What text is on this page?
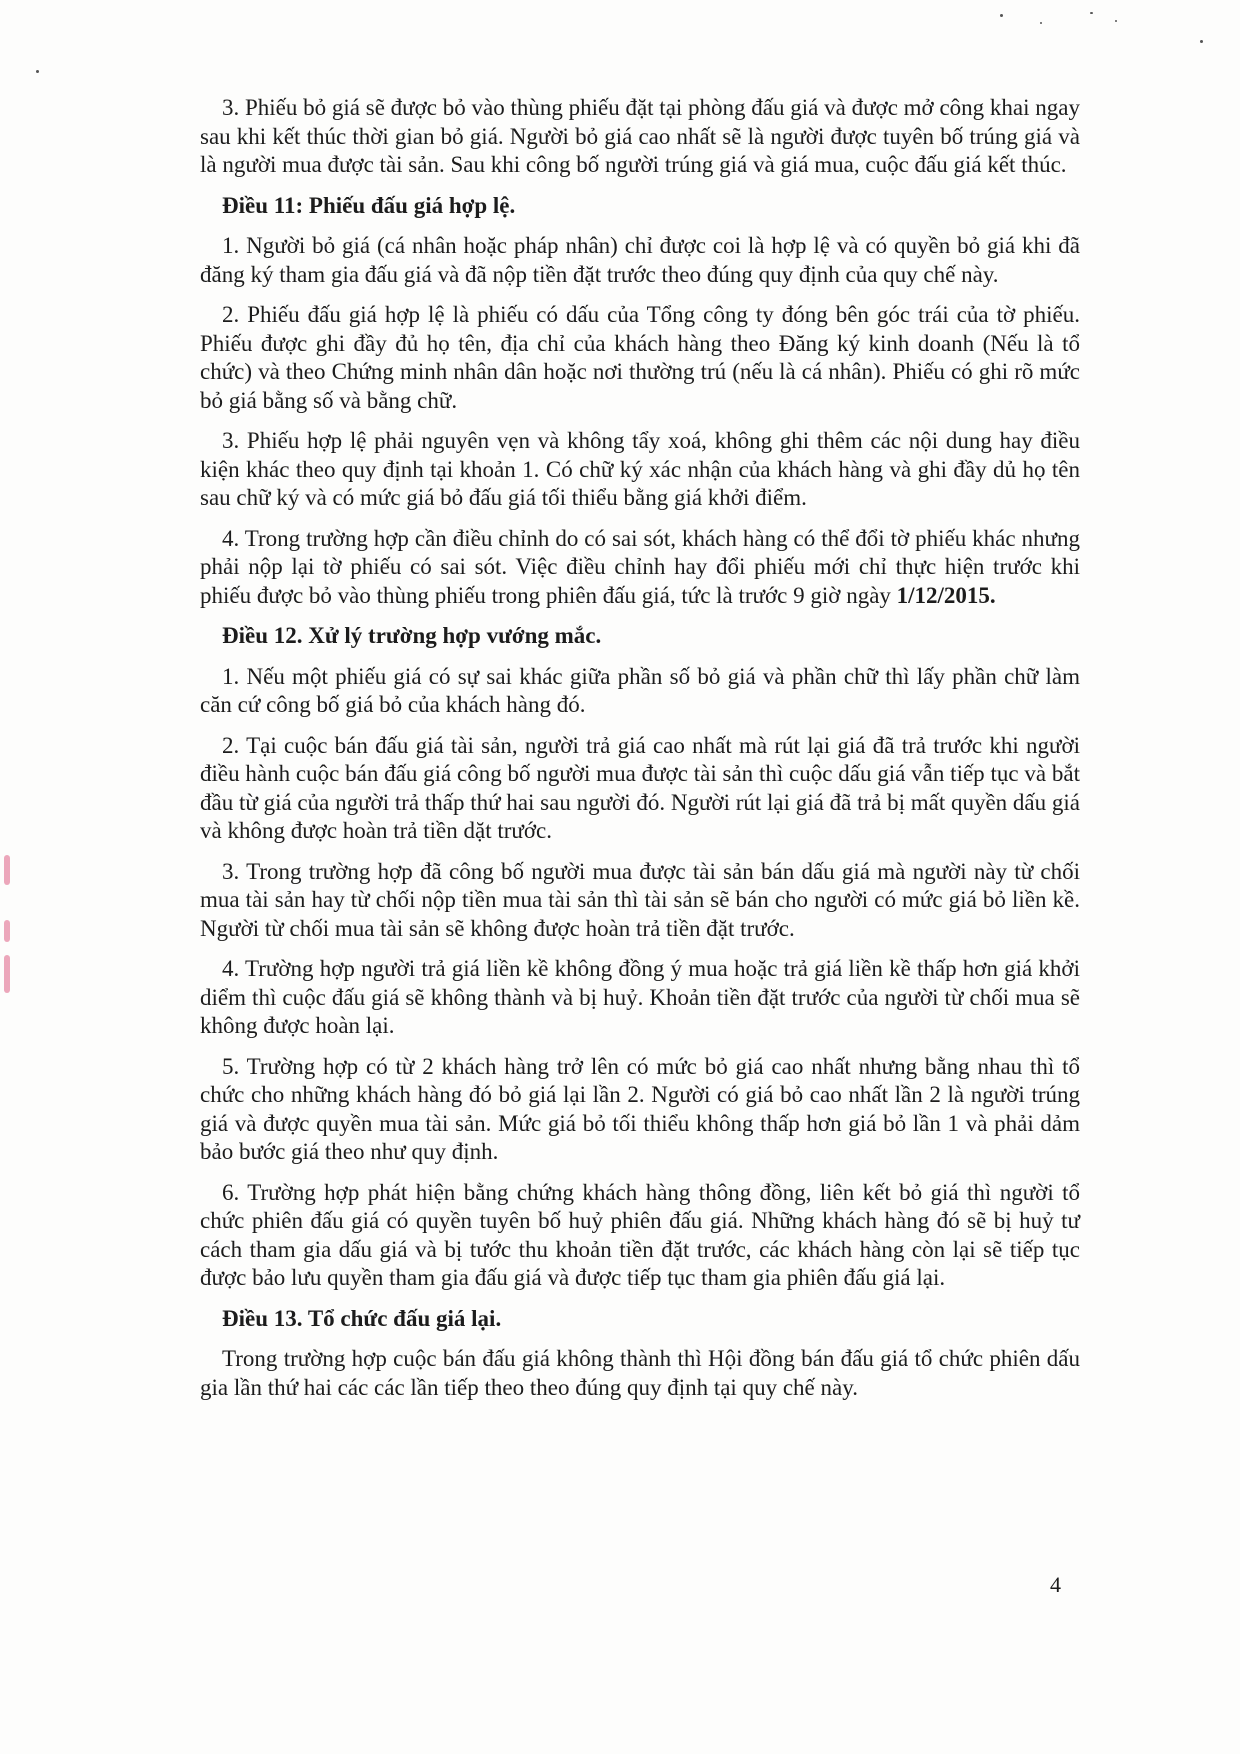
3. Phiếu bỏ giá sẽ được bỏ vào thùng phiếu đặt tại phòng đấu giá và được mở công khai ngay sau khi kết thúc thời gian bỏ giá. Người bỏ giá cao nhất sẽ là người được tuyên bố trúng giá và là người mua được tài sản. Sau khi công bố người trúng giá và giá mua, cuộc đấu giá kết thúc.

Điều 11: Phiếu đấu giá hợp lệ.

1. Người bỏ giá (cá nhân hoặc pháp nhân) chỉ được coi là hợp lệ và có quyền bỏ giá khi đã đăng ký tham gia đấu giá và đã nộp tiền đặt trước theo đúng quy định của quy chế này.

2. Phiếu đấu giá hợp lệ là phiếu có dấu của Tổng công ty đóng bên góc trái của tờ phiếu. Phiếu được ghi đầy đủ họ tên, địa chỉ của khách hàng theo Đăng ký kinh doanh (Nếu là tổ chức) và theo Chứng minh nhân dân hoặc nơi thường trú (nếu là cá nhân). Phiếu có ghi rõ mức bỏ giá bằng số và bằng chữ.

3. Phiếu hợp lệ phải nguyên vẹn và không tẩy xoá, không ghi thêm các nội dung hay điều kiện khác theo quy định tại khoản 1. Có chữ ký xác nhận của khách hàng và ghi đầy dủ họ tên sau chữ ký và có mức giá bỏ đấu giá tối thiểu bằng giá khởi điểm.

4. Trong trường hợp cần điều chỉnh do có sai sót, khách hàng có thể đổi tờ phiếu khác nhưng phải nộp lại tờ phiếu có sai sót. Việc điều chỉnh hay đổi phiếu mới chỉ thực hiện trước khi phiếu được bỏ vào thùng phiếu trong phiên đấu giá, tức là trước 9 giờ ngày 1/12/2015.

Điều 12. Xử lý trường hợp vướng mắc.

1. Nếu một phiếu giá có sự sai khác giữa phần số bỏ giá và phần chữ thì lấy phần chữ làm căn cứ công bố giá bỏ của khách hàng đó.

2. Tại cuộc bán đấu giá tài sản, người trả giá cao nhất mà rút lại giá đã trả trước khi người điều hành cuộc bán đấu giá công bố người mua được tài sản thì cuộc dấu giá vẫn tiếp tục và bắt đầu từ giá của người trả thấp thứ hai sau người đó. Người rút lại giá đã trả bị mất quyền dấu giá và không được hoàn trả tiền dặt trước.

3. Trong trường hợp đã công bố người mua được tài sản bán dấu giá mà người này từ chối mua tài sản hay từ chối nộp tiền mua tài sản thì tài sản sẽ bán cho người có mức giá bỏ liền kề. Người từ chối mua tài sản sẽ không được hoàn trả tiền đặt trước.

4. Trường hợp người trả giá liền kề không đồng ý mua hoặc trả giá liền kề thấp hơn giá khởi diểm thì cuộc đấu giá sẽ không thành và bị huỷ. Khoản tiền đặt trước của người từ chối mua sẽ không được hoàn lại.

5. Trường hợp có từ 2 khách hàng trở lên có mức bỏ giá cao nhất nhưng bằng nhau thì tổ chức cho những khách hàng đó bỏ giá lại lần 2. Người có giá bỏ cao nhất lần 2 là người trúng giá và được quyền mua tài sản. Mức giá bỏ tối thiểu không thấp hơn giá bỏ lần 1 và phải dảm bảo bước giá theo như quy định.

6. Trường hợp phát hiện bằng chứng khách hàng thông đồng, liên kết bỏ giá thì người tổ chức phiên đấu giá có quyền tuyên bố huỷ phiên đấu giá. Những khách hàng đó sẽ bị huỷ tư cách tham gia dấu giá và bị tước thu khoản tiền đặt trước, các khách hàng còn lại sẽ tiếp tục được bảo lưu quyền tham gia đấu giá và được tiếp tục tham gia phiên đấu giá lại.

Điều 13. Tổ chức đấu giá lại.

Trong trường hợp cuộc bán đấu giá không thành thì Hội đồng bán đấu giá tổ chức phiên dấu gia lần thứ hai các các lần tiếp theo theo đúng quy định tại quy chế này.

4
